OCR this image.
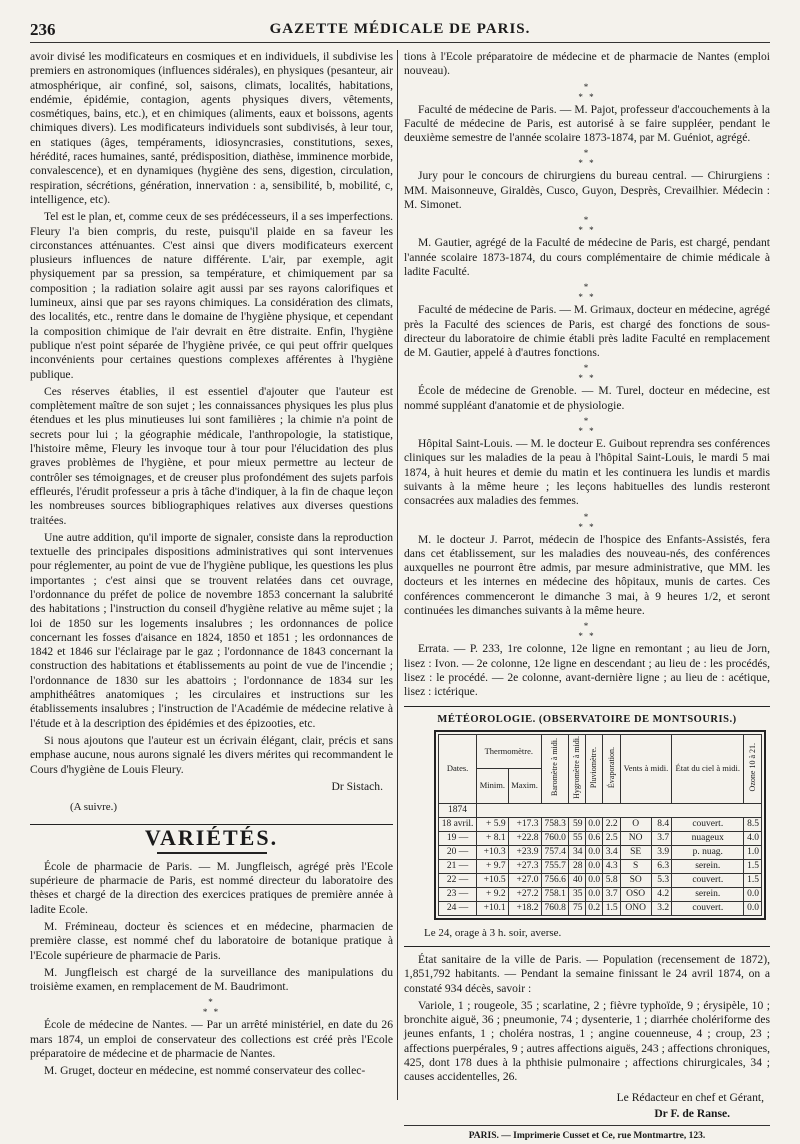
236	GAZETTE MÉDICALE DE PARIS.

avoir divisé les modificateurs en cosmiques et en individuels, il subdivise les premiers en astronomiques (influences sidérales), en physiques (pesanteur, air atmosphérique, air confiné, sol, saisons, climats, localités, habitations, endémie, épidémie, contagion, agents physiques divers, vêtements, cosmétiques, bains, etc.), et en chimiques (aliments, eaux et boissons, agents chimiques divers). Les modificateurs individuels sont subdivisés, à leur tour, en statiques (âges, tempéraments, idiosyncrasies, constitutions, sexes, hérédité, races humaines, santé, prédisposition, diathèse, imminence morbide, convalescence), et en dynamiques (hygiène des sens, digestion, circulation, respiration, sécrétions, génération, innervation : a, sensibilité, b, mobilité, c, intelligence, etc).

Tel est le plan, et, comme ceux de ses prédécesseurs, il a ses imperfections. Fleury l'a bien compris, du reste, puisqu'il plaide en sa faveur les circonstances atténuantes. C'est ainsi que divers modificateurs exercent plusieurs influences de nature différente. L'air, par exemple, agit physiquement par sa pression, sa température, et chimiquement par sa composition ; la radiation solaire agit aussi par ses rayons calorifiques et lumineux, ainsi que par ses rayons chimiques. La considération des climats, des localités, etc., rentre dans le domaine de l'hygiène physique, et cependant la composition chimique de l'air devrait en être distraite. Enfin, l'hygiène publique n'est point séparée de l'hygiène privée, ce qui peut offrir quelques inconvénients pour certaines questions complexes afférentes à l'hygiène publique.

Ces réserves établies, il est essentiel d'ajouter que l'auteur est complètement maître de son sujet ; les connaissances physiques les plus plus étendues et les plus minutieuses lui sont familières ; la chimie n'a point de secrets pour lui ; la géographie médicale, l'anthropologie, la statistique, l'histoire même, Fleury les invoque tour à tour pour l'élucidation des plus graves problèmes de l'hygiène, et pour mieux permettre au lecteur de contrôler ses témoignages, et de creuser plus profondément des sujets parfois effleurés, l'érudit professeur a pris à tâche d'indiquer, à la fin de chaque leçon les nombreuses sources bibliographiques relatives aux diverses questions traitées.

Une autre addition, qu'il importe de signaler, consiste dans la reproduction textuelle des principales dispositions administratives qui sont intervenues pour réglementer, au point de vue de l'hygiène publique, les questions les plus importantes ; c'est ainsi que se trouvent relatées dans cet ouvrage, l'ordonnance du préfet de police de novembre 1853 concernant la salubrité des habitations ; l'instruction du conseil d'hygiène relative au même sujet ; la loi de 1850 sur les logements insalubres ; les ordonnances de police concernant les fosses d'aisance en 1824, 1850 et 1851 ; les ordonnances de 1842 et 1846 sur l'éclairage par le gaz ; l'ordonnance de 1843 concernant la construction des habitations et établissements au point de vue de l'incendie ; l'ordonnance de 1830 sur les abattoirs ; l'ordonnance de 1834 sur les amphithéâtres anatomiques ; les circulaires et instructions sur les établissements insalubres ; l'instruction de l'Académie de médecine relative à l'étude et à la description des épidémies et des épizooties, etc.

Si nous ajoutons que l'auteur est un écrivain élégant, clair, précis et sans emphase aucune, nous aurons signalé les divers mérites qui recommandent le Cours d'hygiène de Louis Fleury.

Dr Sistach.
(A suivre.)
VARIÉTÉS.

École de pharmacie de Paris. — M. Jungfleisch, agrégé près l'Ecole supérieure de pharmacie de Paris, est nommé directeur du laboratoire des thèses et chargé de la direction des exercices pratiques de première année à ladite Ecole.

M. Frémineau, docteur ès sciences et en médecine, pharmacien de première classe, est nommé chef du laboratoire de botanique pratique à l'Ecole supérieure de pharmacie de Paris.

M. Jungfleisch est chargé de la surveillance des manipulations du troisième examen, en remplacement de M. Baudrimont.

*
* *

École de médecine de Nantes. — Par un arrêté ministériel, en date du 26 mars 1874, un emploi de conservateur des collections est créé près l'Ecole préparatoire de médecine et de pharmacie de Nantes.

M. Gruget, docteur en médecine, est nommé conservateur des collec-

tions à l'Ecole préparatoire de médecine et de pharmacie de Nantes (emploi nouveau).

*
* *

Faculté de médecine de Paris. — M. Pajot, professeur d'accouchements à la Faculté de médecine de Paris, est autorisé à se faire suppléer, pendant le deuxième semestre de l'année scolaire 1873-1874, par M. Guéniot, agrégé.

*
* *

Jury pour le concours de chirurgiens du bureau central. — Chirurgiens : MM. Maisonneuve, Giraldès, Cusco, Guyon, Desprès, Crevailhier. Médecin : M. Simonet.

*
* *

M. Gautier, agrégé de la Faculté de médecine de Paris, est chargé, pendant l'année scolaire 1873-1874, du cours complémentaire de chimie médicale à ladite Faculté.

*
* *

Faculté de médecine de Paris. — M. Grimaux, docteur en médecine, agrégé près la Faculté des sciences de Paris, est chargé des fonctions de sous-directeur du laboratoire de chimie établi près ladite Faculté en remplacement de M. Gautier, appelé à d'autres fonctions.

*
* *

École de médecine de Grenoble. — M. Turel, docteur en médecine, est nommé suppléant d'anatomie et de physiologie.

*
* *

Hôpital Saint-Louis. — M. le docteur E. Guibout reprendra ses conférences cliniques sur les maladies de la peau à l'hôpital Saint-Louis, le mardi 5 mai 1874, à huit heures et demie du matin et les continuera les lundis et mardis suivants à la même heure ; les leçons habituelles des lundis resteront consacrées aux maladies des femmes.

*
* *

M. le docteur J. Parrot, médecin de l'hospice des Enfants-Assistés, fera dans cet établissement, sur les maladies des nouveau-nés, des conférences auxquelles ne pourront être admis, par mesure administrative, que MM. les docteurs et les internes en médecine des hôpitaux, munis de cartes. Ces conférences commenceront le dimanche 3 mai, à 9 heures 1/2, et seront continuées les dimanches suivants à la même heure.

*
* *

Errata. — P. 233, 1re colonne, 12e ligne en remontant ; au lieu de Jorn, lisez : Ivon. — 2e colonne, 12e ligne en descendant ; au lieu de : les procédés, lisez : le procédé. — 2e colonne, avant-dernière ligne ; au lieu de : acétique, lisez : ictérique.

MÉTÉOROLOGIE. (OBSERVATOIRE DE MONTSOURIS.)
Dates.	Thermomètre.		Baromètre à midi.	Hygromètre à midi.	Pluviomètre.	Évaporation.	Vents à midi.		État du ciel à midi.	Ozone 10 à 21.
	Minim.	Maxim.								
1874										
18 avril.	+ 5.9	+17.3	758.3	59	0.0	2.2	O	8.4	couvert.	8.5
19 —	+ 8.1	+22.8	760.0	55	0.6	2.5	NO	3.7	nuageux	4.0
20 —	+10.3	+23.9	757.4	34	0.0	3.4	SE	3.9	p. nuag.	1.0
21 —	+ 9.7	+27.3	755.7	28	0.0	4.3	S	6.3	serein.	1.5
22 —	+10.5	+27.0	756.6	40	0.0	5.8	SO	5.3	couvert.	1.5
23 —	+ 9.2	+27.2	758.1	35	0.0	3.7	OSO	4.2	serein.	0.0
24 —	+10.1	+18.2	760.8	75	0.2	1.5	ONO	3.2	couvert.	0.0
Le 24, orage à 3 h. soir, averse.

État sanitaire de la ville de Paris. — Population (recensement de 1872), 1,851,792 habitants. — Pendant la semaine finissant le 24 avril 1874, on a constaté 934 décès, savoir :

Variole, 1 ; rougeole, 35 ; scarlatine, 2 ; fièvre typhoïde, 9 ; érysipèle, 10 ; bronchite aiguë, 36 ; pneumonie, 74 ; dysenterie, 1 ; diarrhée cholériforme des jeunes enfants, 1 ; choléra nostras, 1 ; angine couenneuse, 4 ; croup, 23 ; affections puerpérales, 9 ; autres affections aiguës, 243 ; affections chroniques, 425, dont 178 dues à la phthisie pulmonaire ; affections chirurgicales, 34 ; causes accidentelles, 26.

Le Rédacteur en chef et Gérant,
Dr F. de Ranse.
PARIS. — Imprimerie Cusset et Ce, rue Montmartre, 123.
